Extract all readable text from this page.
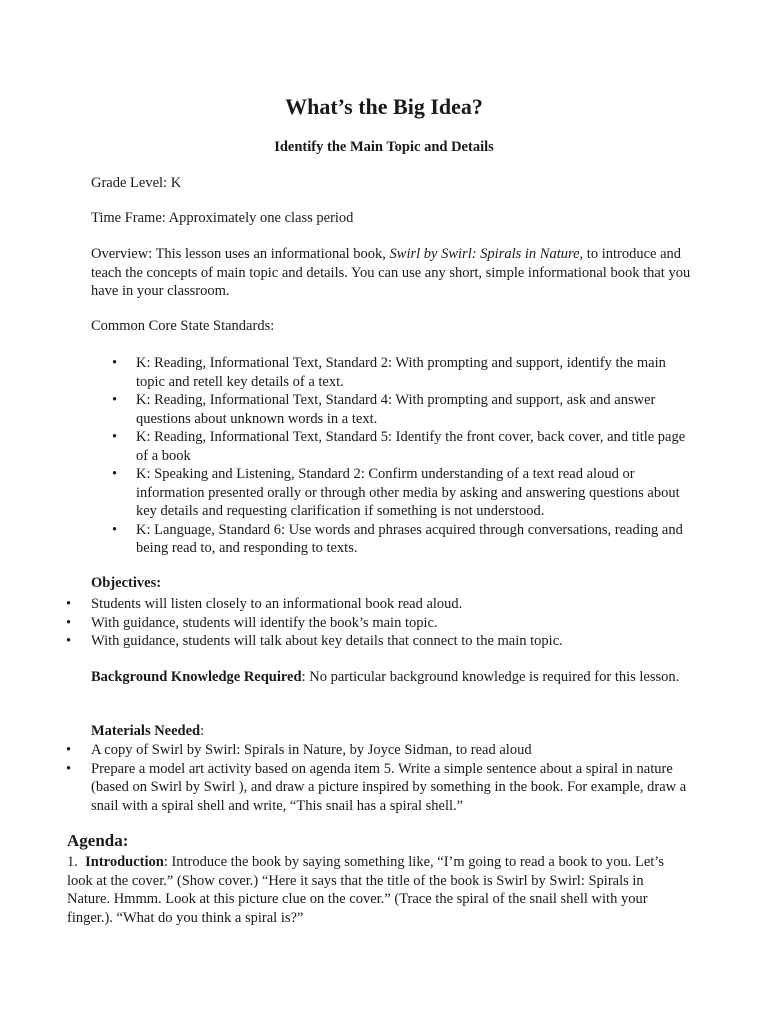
What’s the Big Idea?
Identify the Main Topic and Details

Grade Level: K

Time Frame: Approximately one class period

Overview: This lesson uses an informational book, Swirl by Swirl: Spirals in Nature, to introduce and teach the concepts of main topic and details. You can use any short, simple informational book that you have in your classroom.

Common Core State Standards:

• K: Reading, Informational Text, Standard 2: With prompting and support, identify the main topic and retell key details of a text.
• K: Reading, Informational Text, Standard 4: With prompting and support, ask and answer questions about unknown words in a text.
• K: Reading, Informational Text, Standard 5: Identify the front cover, back cover, and title page of a book
• K: Speaking and Listening, Standard 2: Confirm understanding of a text read aloud or information presented orally or through other media by asking and answering questions about key details and requesting clarification if something is not understood.
• K: Language, Standard 6: Use words and phrases acquired through conversations, reading and being read to, and responding to texts.

Objectives:

• Students will listen closely to an informational book read aloud.
• With guidance, students will identify the book’s main topic.
• With guidance, students will talk about key details that connect to the main topic.

Background Knowledge Required: No particular background knowledge is required for this lesson.

Materials Needed:

• A copy of Swirl by Swirl: Spirals in Nature, by Joyce Sidman, to read aloud
• Prepare a model art activity based on agenda item 5. Write a simple sentence about a spiral in nature (based on Swirl by Swirl ), and draw a picture inspired by something in the book. For example, draw a snail with a spiral shell and write, “This snail has a spiral shell.”
Agenda:

1.  Introduction: Introduce the book by saying something like, “I’m going to read a book to you. Let’s look at the cover.” (Show cover.) “Here it says that the title of the book is Swirl by Swirl: Spirals in Nature. Hmmm. Look at this picture clue on the cover.” (Trace the spiral of the snail shell with your finger.). “What do you think a spiral is?”
